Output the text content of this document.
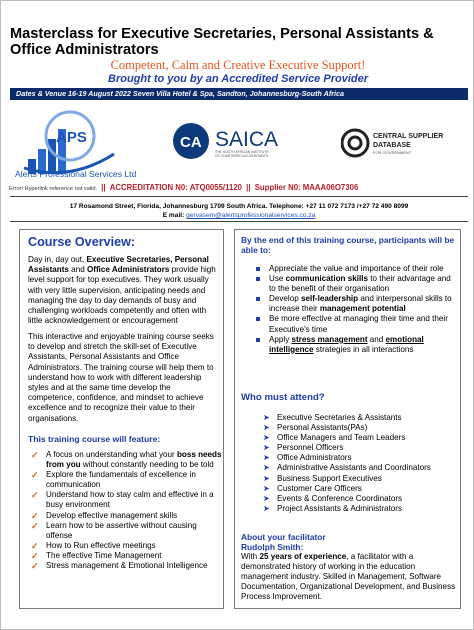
Masterclass for Executive Secretaries, Personal Assistants & Office Administrators
Competent, Calm and Creative Executive Support!
Brought to you by an Accredited Service Provider
Dates & Venue 16-19 August 2022 Seven Villa Hotel & Spa, Sandton, Johannesburg-South Africa
APS
Alerts Professional Services Ltd
CA SAICA
THE SOUTH AFRICAN INSTITUTE
OF CHARTERED ACCOUNTANTS
CENTRAL SUPPLIER
DATABASE
FOR GOVERNMENT
Error! Hyperlink reference not valid. || ACCREDITATION N0: ATQ0055/1120 || Supplier N0: MAAA06O7306
17 Rosamond Street, Florida, Johannesburg 1709 South Africa. Telephone: +27 11 072 7173 /+27 72 490 8099
E mail: gervasem@alertsprofessionalservices.co.za
Course Overview:
Day in, day out, Executive Secretaries, Personal Assistants and Office Administrators provide high level support for top executives. They work usually with very little supervision, anticipating needs and managing the day to day demands of busy and challenging workloads competently and often with little acknowledgement or encouragement
This interactive and enjoyable training course seeks to develop and stretch the skill-set of Executive Assistants, Personal Assistants and Office Administrators. The training course will help them to understand how to work with different leadership styles and at the same time develop the competence, confidence, and mindset to achieve excellence and to recognize their value to their organisations.
This training course will feature:
✓ A focus on understanding what your boss needs from you without constantly needing to be told
✓ Explore the fundamentals of excellence in communication
✓ Understand how to stay calm and effective in a busy environment
✓ Develop effective management skills
✓ Learn how to be assertive without causing offense
✓ How to Run effective meetings
✓ The effective Time Management
✓ Stress management & Emotional Intelligence
By the end of this training course, participants will be able to:
Appreciate the value and importance of their role
Use communication skills to their advantage and to the benefit of their organisation
Develop self-leadership and interpersonal skills to increase their management potential
Be more effective at managing their time and their Executive's time
Apply stress management and emotional intelligence strategies in all interactions
Who must attend?
➤ Executive Secretaries & Assistants
➤ Personal Assistants(PAs)
➤ Office Managers and Team Leaders
➤ Personnel Officers
➤ Office Administrators
➤ Administrative Assistants and Coordinators
➤ Business Support Executives
➤ Customer Care Officers
➤ Events & Conference Coordinators
➤ Project Assistants & Administrators
About your facilitator
Rudolph Smith:
With 25 years of experience, a facilitator with a demonstrated history of working in the education management industry. Skilled in Management, Software Documentation, Organizational Development, and Business Process Improvement.
